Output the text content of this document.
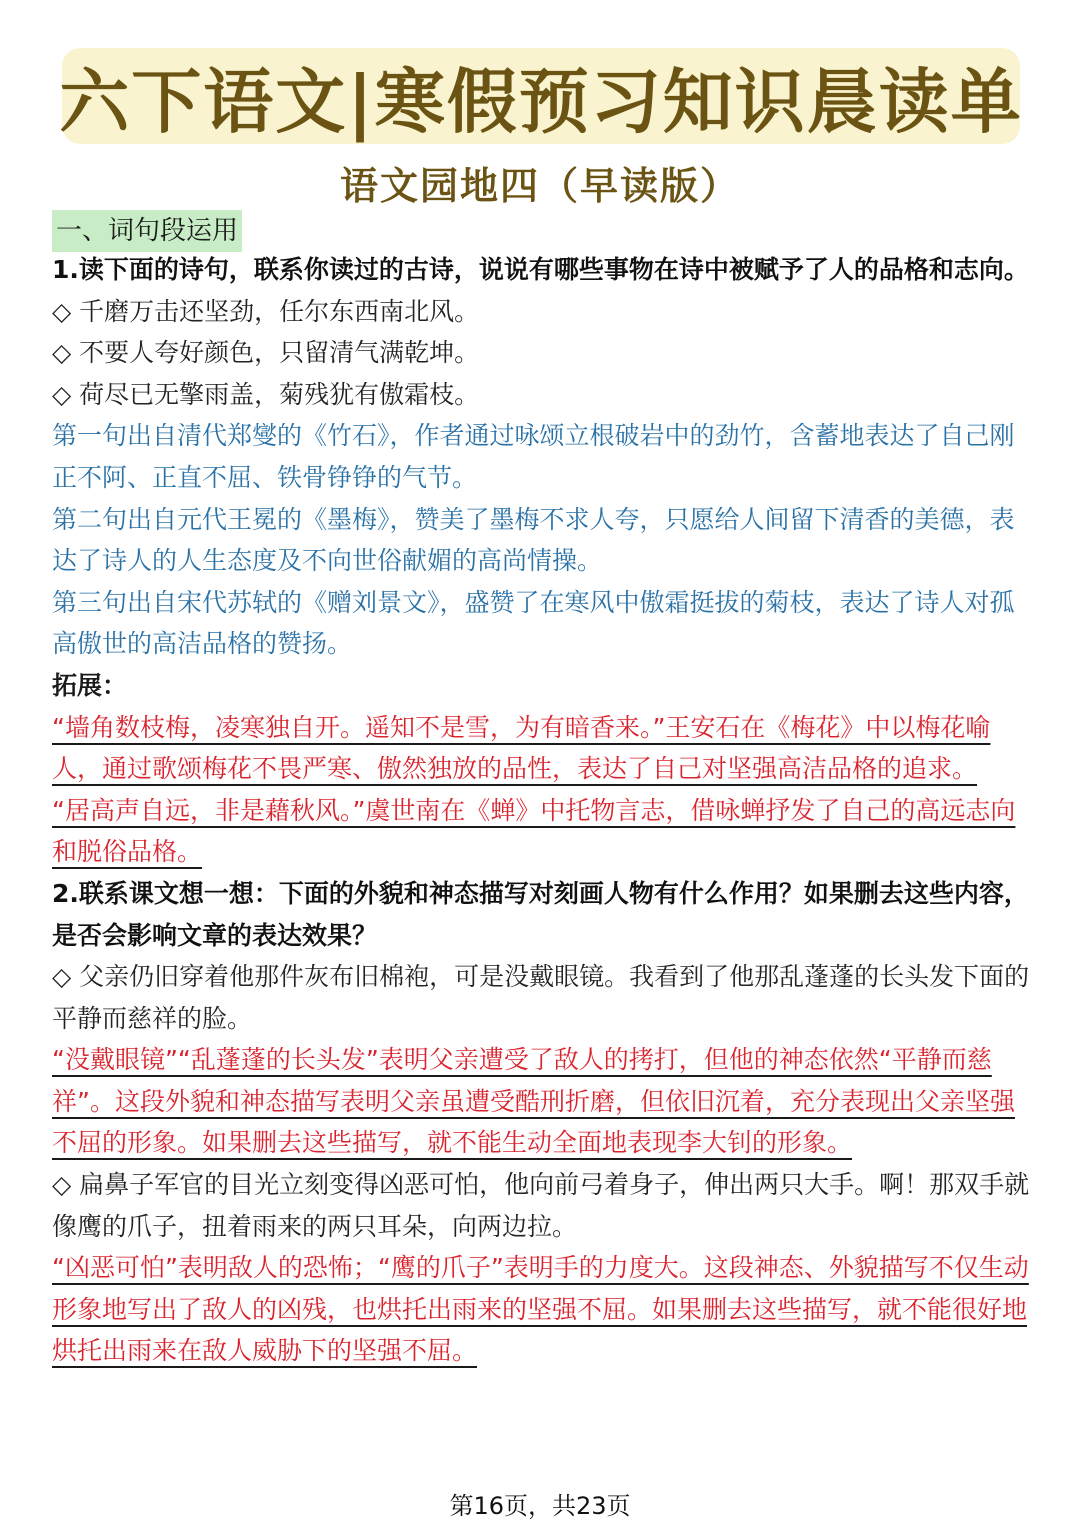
六下语文|寒假预习知识晨读单
语文园地四（早读版）
一、词句段运用

1.读下面的诗句，联系你读过的古诗，说说有哪些事物在诗中被赋予了人的品格和志向。

◇ 千磨万击还坚劲，任尔东西南北风。

◇ 不要人夸好颜色，只留清气满乾坤。

◇ 荷尽已无擎雨盖，菊残犹有傲霜枝。

第一句出自清代郑燮的《竹石》，作者通过咏颂立根破岩中的劲竹，含蓄地表达了自己刚正不阿、正直不屈、铁骨铮铮的气节。

第二句出自元代王冕的《墨梅》，赞美了墨梅不求人夸，只愿给人间留下清香的美德，表达了诗人的人生态度及不向世俗献媚的高尚情操。

第三句出自宋代苏轼的《赠刘景文》，盛赞了在寒风中傲霜挺拔的菊枝，表达了诗人对孤高傲世的高洁品格的赞扬。

拓展：

“墙角数枝梅，凌寒独自开。遥知不是雪，为有暗香来。”王安石在《梅花》中以梅花喻人，通过歌颂梅花不畏严寒、傲然独放的品性，表达了自己对坚强高洁品格的追求。

“居高声自远，非是藉秋风。”虞世南在《蝉》中托物言志，借咏蝉抒发了自己的高远志向和脱俗品格。

2.联系课文想一想：下面的外貌和神态描写对刻画人物有什么作用？如果删去这些内容，是否会影响文章的表达效果？

◇ 父亲仍旧穿着他那件灰布旧棉袍，可是没戴眼镜。我看到了他那乱蓬蓬的长头发下面的平静而慈祥的脸。

“没戴眼镜”“乱蓬蓬的长头发”表明父亲遭受了敌人的拷打，但他的神态依然“平静而慈祥”。这段外貌和神态描写表明父亲虽遭受酷刑折磨，但依旧沉着，充分表现出父亲坚强不屈的形象。如果删去这些描写，就不能生动全面地表现李大钊的形象。

◇ 扁鼻子军官的目光立刻变得凶恶可怕，他向前弓着身子，伸出两只大手。啊！那双手就像鹰的爪子，扭着雨来的两只耳朵，向两边拉。

“凶恶可怕”表明敌人的恐怖；“鹰的爪子”表明手的力度大。这段神态、外貌描写不仅生动形象地写出了敌人的凶残，也烘托出雨来的坚强不屈。如果删去这些描写，就不能很好地烘托出雨来在敌人威胁下的坚强不屈。

第16页，共23页
